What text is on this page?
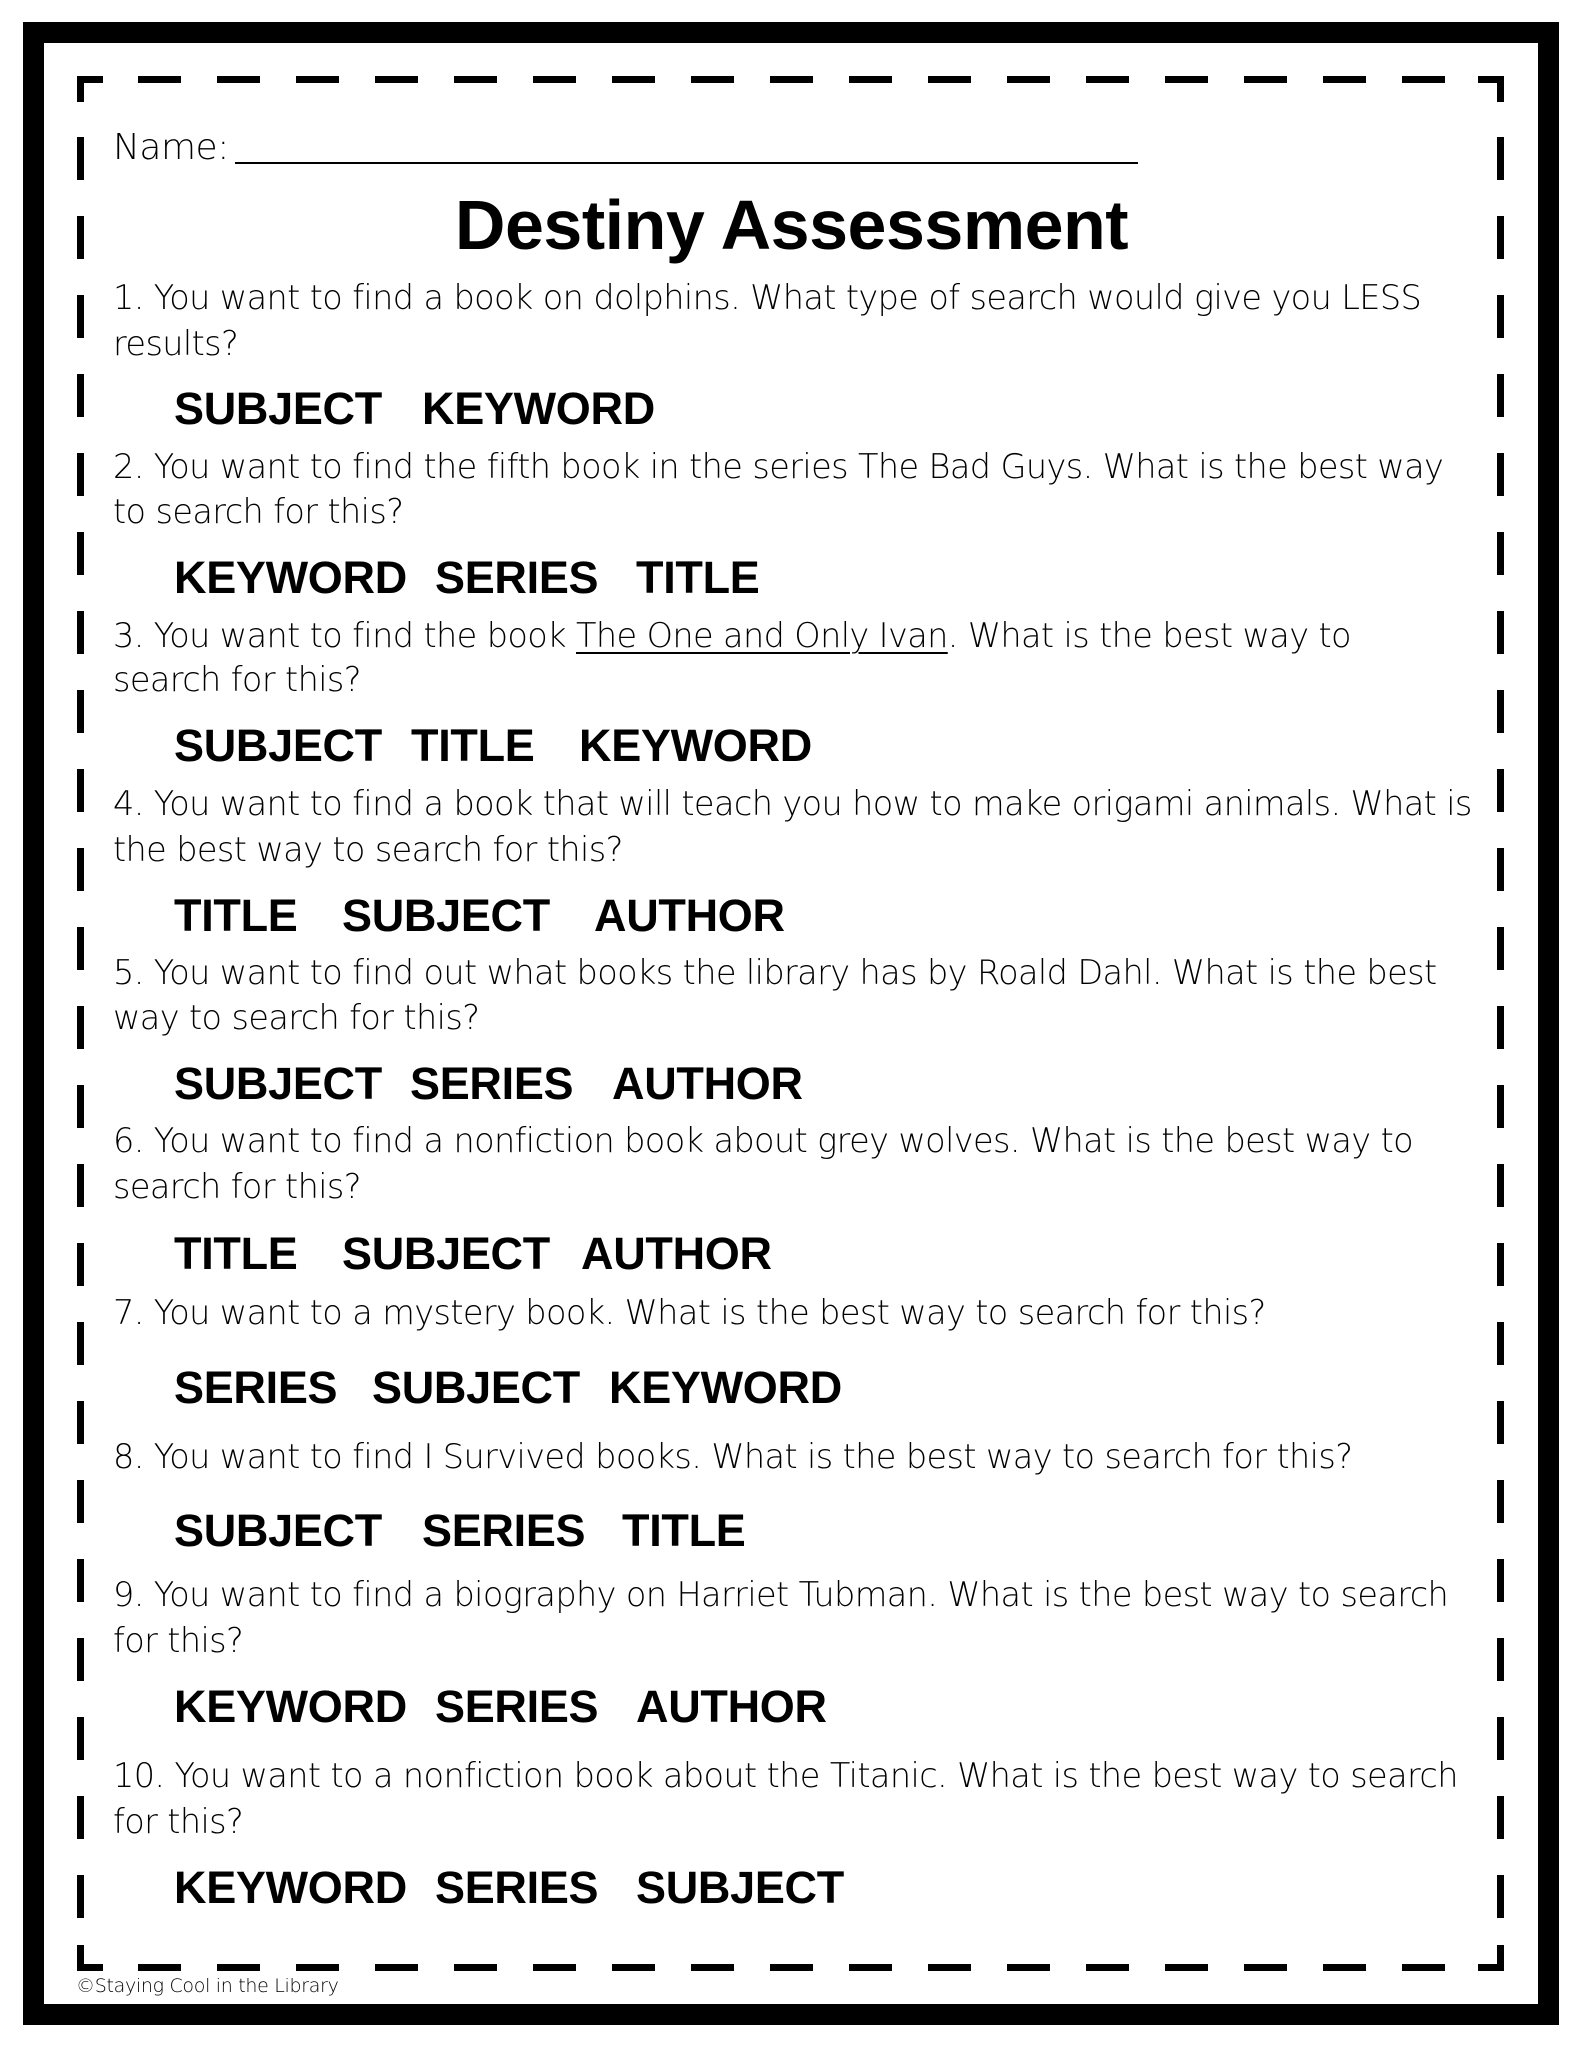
Name:
Destiny Assessment
1. You want to find a book on dolphins. What type of search would give you LESS
results?
SUBJECT KEYWORD
2. You want to find the fifth book in the series The Bad Guys. What is the best way
to search for this?
KEYWORD SERIES TITLE
3. You want to find the book The One and Only Ivan. What is the best way to
search for this?
SUBJECT TITLE KEYWORD
4. You want to find a book that will teach you how to make origami animals. What is
the best way to search for this?
TITLE SUBJECT AUTHOR
5. You want to find out what books the library has by Roald Dahl. What is the best
way to search for this?
SUBJECT SERIES AUTHOR
6. You want to find a nonfiction book about grey wolves. What is the best way to
search for this?
TITLE SUBJECT AUTHOR
7. You want to a mystery book. What is the best way to search for this?
SERIES SUBJECT KEYWORD
8. You want to find I Survived books. What is the best way to search for this?
SUBJECT SERIES TITLE
9. You want to find a biography on Harriet Tubman. What is the best way to search
for this?
KEYWORD SERIES AUTHOR
10. You want to a nonfiction book about the Titanic. What is the best way to search
for this?
KEYWORD SERIES SUBJECT
©Staying Cool in the Library
